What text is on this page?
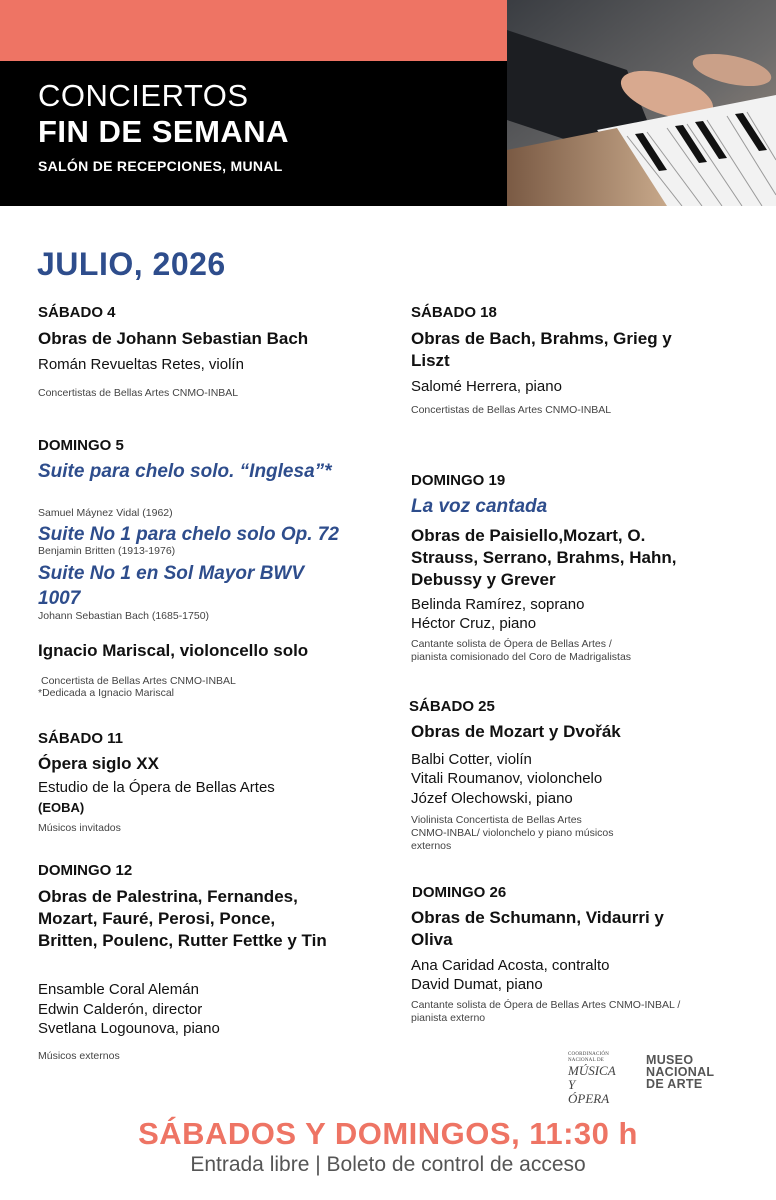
CONCIERTOS
FIN DE SEMANA
SALÓN DE RECEPCIONES, MUNAL
JULIO, 2026
SÁBADO 4
Obras de Johann Sebastian Bach
Román Revueltas Retes, violín
Concertistas de Bellas Artes CNMO-INBAL
DOMINGO 5
Suite para chelo solo. “Inglesa”*
Samuel Máynez Vidal (1962)
Suite No 1 para chelo solo Op. 72
Benjamin Britten (1913-1976)
Suite No 1 en Sol Mayor BWV 1007
Johann Sebastian Bach (1685-1750)
Ignacio Mariscal, violoncello solo
Concertista de Bellas Artes CNMO-INBAL
*Dedicada a Ignacio Mariscal
SÁBADO 11
Ópera siglo XX
Estudio de la Ópera de Bellas Artes
(EOBA)
Músicos invitados
DOMINGO 12
Obras de Palestrina, Fernandes, Mozart, Fauré, Perosi, Ponce, Britten, Poulenc, Rutter Fettke y Tin
Ensamble Coral Alemán
Edwin Calderón, director
Svetlana Logounova, piano
Músicos externos
SÁBADO 18
Obras de Bach, Brahms, Grieg y Liszt
Salomé Herrera, piano
Concertistas de Bellas Artes CNMO-INBAL
DOMINGO 19
La voz cantada
Obras de Paisiello,Mozart, O. Strauss, Serrano, Brahms, Hahn, Debussy y Grever
Belinda Ramírez, soprano
Héctor Cruz, piano
Cantante solista de Ópera de Bellas Artes /
pianista comisionado del Coro de Madrigalistas
SÁBADO 25
Obras de Mozart y Dvořák
Balbi Cotter, violín
Vitali Roumanov, violonchelo
Józef Olechowski, piano
Violinista Concertista de Bellas Artes
CNMO-INBAL/ violonchelo y piano músicos
externos
DOMINGO 26
Obras de Schumann, Vidaurri y Oliva
Ana Caridad Acosta, contralto
David Dumat, piano
Cantante solista de Ópera de Bellas Artes CNMO-INBAL /
pianista externo
COORDINACIÓN NACIONAL DE
MÚSICA Y
ÓPERA
MUSEO
NACIONAL
DE ARTE
SÁBADOS Y DOMINGOS, 11:30 h
Entrada libre | Boleto de control de acceso
